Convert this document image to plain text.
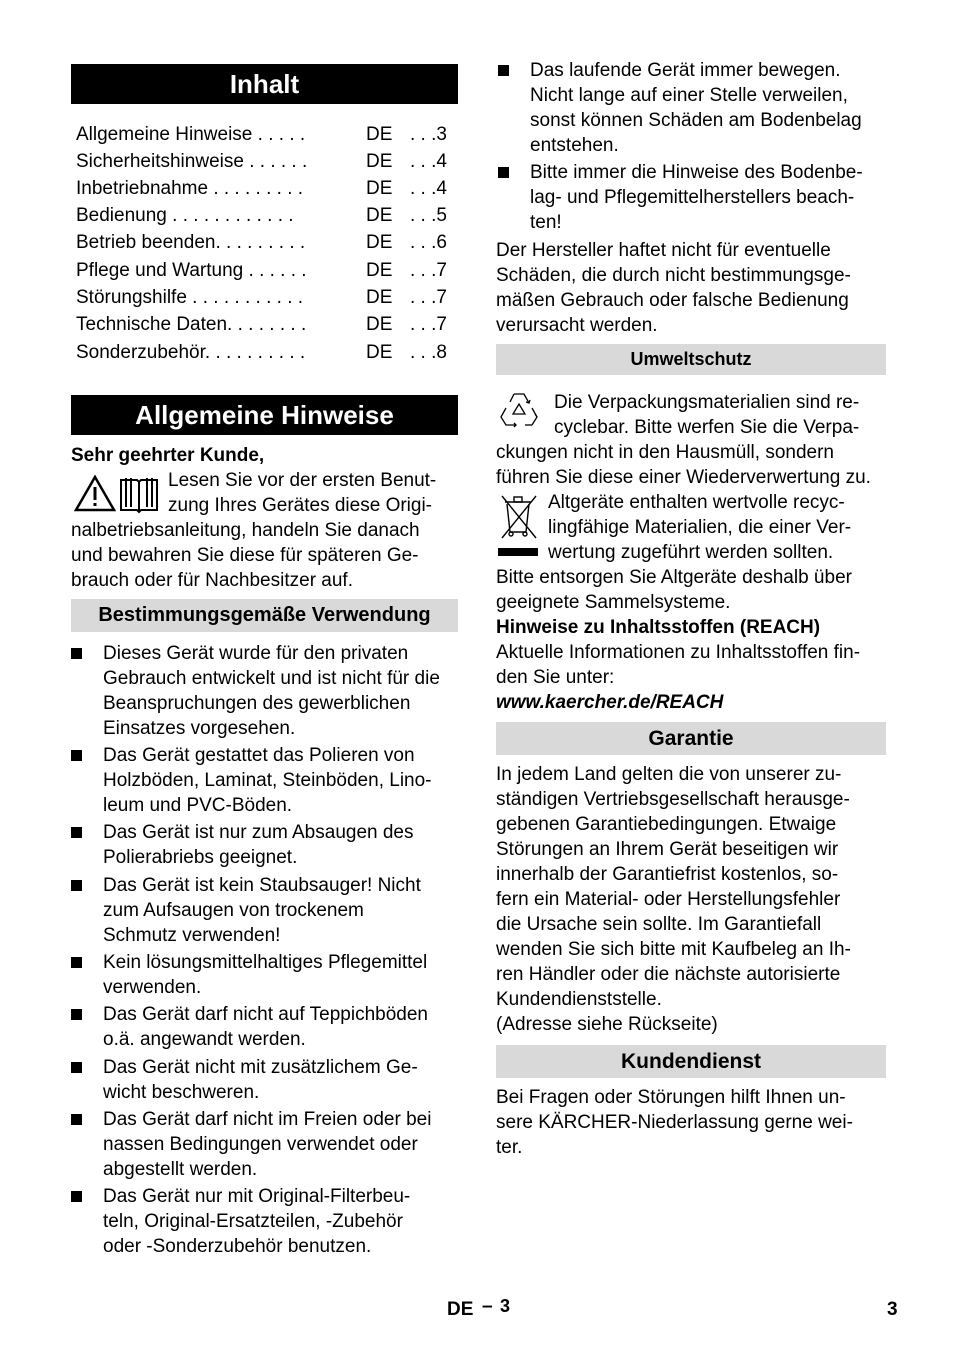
Inhalt
Allgemeine Hinweise . . . . .	DE . . .3
Sicherheitshinweise . . . . . .	DE . . .4
Inbetriebnahme . . . . . . . . .	DE . . .4
Bedienung . . . . . . . . . . . .	DE . . .5
Betrieb beenden. . . . . . . . .	DE . . .6
Pflege und Wartung . . . . . .	DE . . .7
Störungshilfe . . . . . . . . . . .	DE . . .7
Technische Daten. . . . . . . .	DE . . .7
Sonderzubehör. . . . . . . . . .	DE . . .8
Allgemeine Hinweise
Sehr geehrter Kunde,
Lesen Sie vor der ersten Benut-
zung Ihres Gerätes diese Origi-
nalbetriebsanleitung, handeln Sie danach
und bewahren Sie diese für späteren Ge-
brauch oder für Nachbesitzer auf.
Bestimmungsgemäße Verwendung
Dieses Gerät wurde für den privaten
Gebrauch entwickelt und ist nicht für die
Beanspruchungen des gewerblichen
Einsatzes vorgesehen.
Das Gerät gestattet das Polieren von
Holzböden, Laminat, Steinböden, Lino-
leum und PVC-Böden.
Das Gerät ist nur zum Absaugen des
Polierabriebs geeignet.
Das Gerät ist kein Staubsauger! Nicht
zum Aufsaugen von trockenem
Schmutz verwenden!
Kein lösungsmittelhaltiges Pflegemittel
verwenden.
Das Gerät darf nicht auf Teppichböden
o.ä. angewandt werden.
Das Gerät nicht mit zusätzlichem Ge-
wicht beschweren.
Das Gerät darf nicht im Freien oder bei
nassen Bedingungen verwendet oder
abgestellt werden.
Das Gerät nur mit Original-Filterbeu-
teln, Original-Ersatzteilen, -Zubehör
oder -Sonderzubehör benutzen.
Das laufende Gerät immer bewegen.
Nicht lange auf einer Stelle verweilen,
sonst können Schäden am Bodenbelag
entstehen.
Bitte immer die Hinweise des Bodenbe-
lag- und Pflegemittelherstellers beach-
ten!
Der Hersteller haftet nicht für eventuelle
Schäden, die durch nicht bestimmungsge-
mäßen Gebrauch oder falsche Bedienung
verursacht werden.
Umweltschutz
Die Verpackungsmaterialien sind re-
cyclebar. Bitte werfen Sie die Verpa-
ckungen nicht in den Hausmüll, sondern
führen Sie diese einer Wiederverwertung zu.
Altgeräte enthalten wertvolle recyc-
lingfähige Materialien, die einer Ver-
wertung zugeführt werden sollten.
Bitte entsorgen Sie Altgeräte deshalb über
geeignete Sammelsysteme.
Hinweise zu Inhaltsstoffen (REACH)
Aktuelle Informationen zu Inhaltsstoffen fin-
den Sie unter:
www.kaercher.de/REACH
Garantie
In jedem Land gelten die von unserer zu-
ständigen Vertriebsgesellschaft herausge-
gebenen Garantiebedingungen. Etwaige
Störungen an Ihrem Gerät beseitigen wir
innerhalb der Garantiefrist kostenlos, so-
fern ein Material- oder Herstellungsfehler
die Ursache sein sollte. Im Garantiefall
wenden Sie sich bitte mit Kaufbeleg an Ih-
ren Händler oder die nächste autorisierte
Kundendienststelle.
(Adresse siehe Rückseite)
Kundendienst
Bei Fragen oder Störungen hilft Ihnen un-
sere KÄRCHER-Niederlassung gerne wei-
ter.
DE – 3	3
